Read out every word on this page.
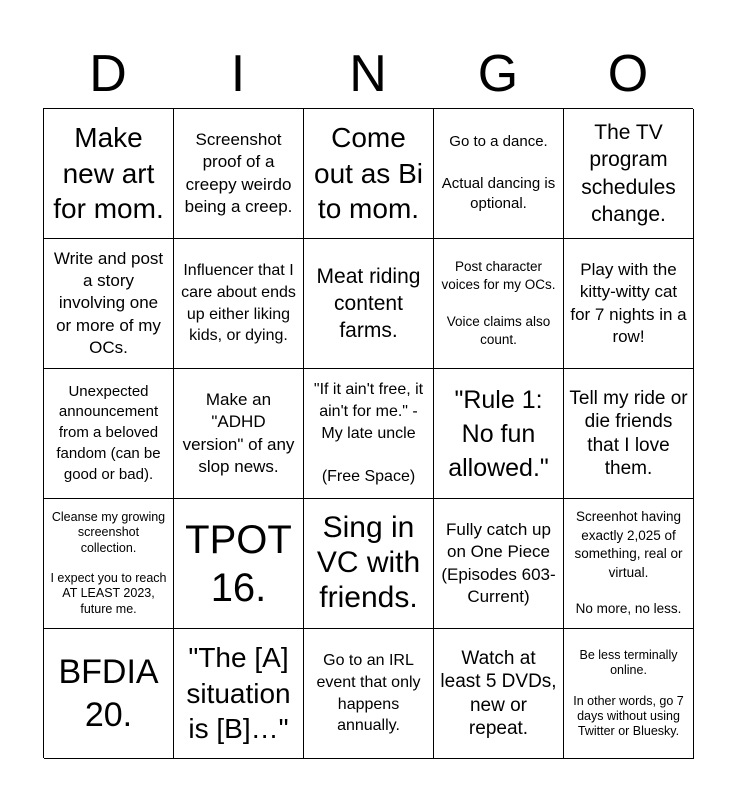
D	I	N	G	O
Make new art for mom.
Screenshot proof of a creepy weirdo being a creep.
Come out as Bi to mom.
Go to a dance.

Actual dancing is optional.
The TV program schedules change.
Write and post a story involving one or more of my OCs.
Influencer that I care about ends up either liking kids, or dying.
Meat riding content farms.
Post character voices for my OCs.

Voice claims also count.
Play with the kitty-witty cat for 7 nights in a row!
Unexpected announcement from a beloved fandom (can be good or bad).
Make an "ADHD version" of any slop news.
"If it ain't free, it ain't for me." -My late uncle

(Free Space)
"Rule 1: No fun allowed."
Tell my ride or die friends that I love them.
Cleanse my growing screenshot collection.

I expect you to reach AT LEAST 2023, future me.
TPOT 16.
Sing in VC with friends.
Fully catch up on One Piece (Episodes 603-Current)
Screenhot having exactly 2,025 of something, real or virtual.

No more, no less.
BFDIA 20.
"The [A] situation is [B]…"
Go to an IRL event that only happens annually.
Watch at least 5 DVDs, new or repeat.
Be less terminally online.

In other words, go 7 days without using Twitter or Bluesky.
